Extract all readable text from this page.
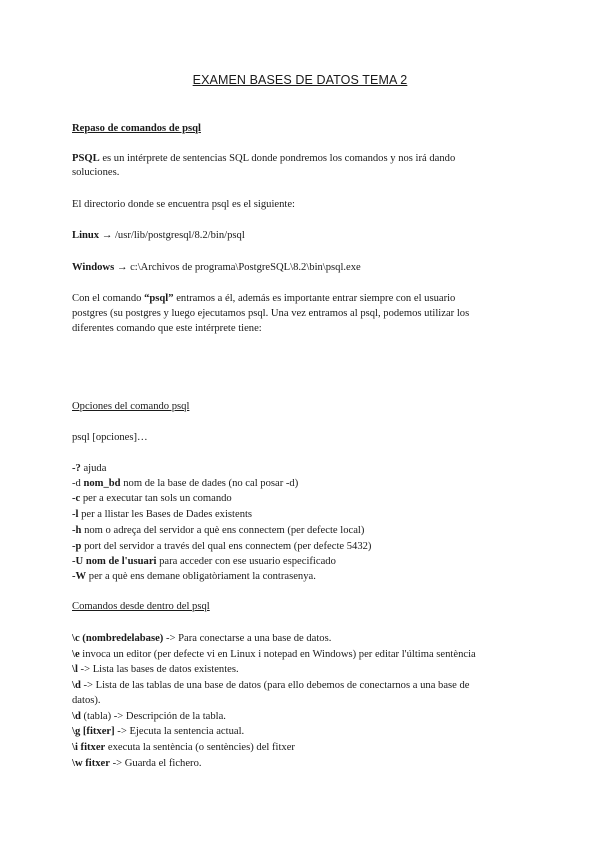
EXAMEN BASES DE DATOS TEMA 2
Repaso de comandos de psql
PSQL es un intérprete de sentencias SQL donde pondremos los comandos y nos irá dando
soluciones.
El directorio donde se encuentra psql es el siguiente:
Linux → /usr/lib/postgresql/8.2/bin/psql
Windows → c:\Archivos de programa\PostgreSQL\8.2\bin\psql.exe
Con el comando “psql” entramos a él, además es importante entrar siempre con el usuario
postgres (su postgres y luego ejecutamos psql. Una vez entramos al psql, podemos utilizar los
diferentes comando que este intérprete tiene:
Opciones del comando psql
psql [opciones]…
-? ajuda
-d nom_bd nom de la base de dades (no cal posar -d)
-c per a executar tan sols un comando
-l per a llistar les Bases de Dades existents
-h nom o adreça del servidor a què ens connectem (per defecte local)
-p port del servidor a través del qual ens connectem (per defecte 5432)
-U nom de l'usuari para acceder con ese usuario especificado
-W per a què ens demane obligatòriament la contrasenya.
Comandos desde dentro del psql
\c (nombredelabase) -> Para conectarse a una base de datos.
\e invoca un editor (per defecte vi en Linux i notepad en Windows) per editar l'última sentència
\l -> Lista las bases de datos existentes.
\d -> Lista de las tablas de una base de datos (para ello debemos de conectarnos a una base de
datos).
\d (tabla) -> Descripción de la tabla.
\g [fitxer] -> Ejecuta la sentencia actual.
\i fitxer executa la sentència (o sentències) del fitxer
\w fitxer -> Guarda el fichero.
